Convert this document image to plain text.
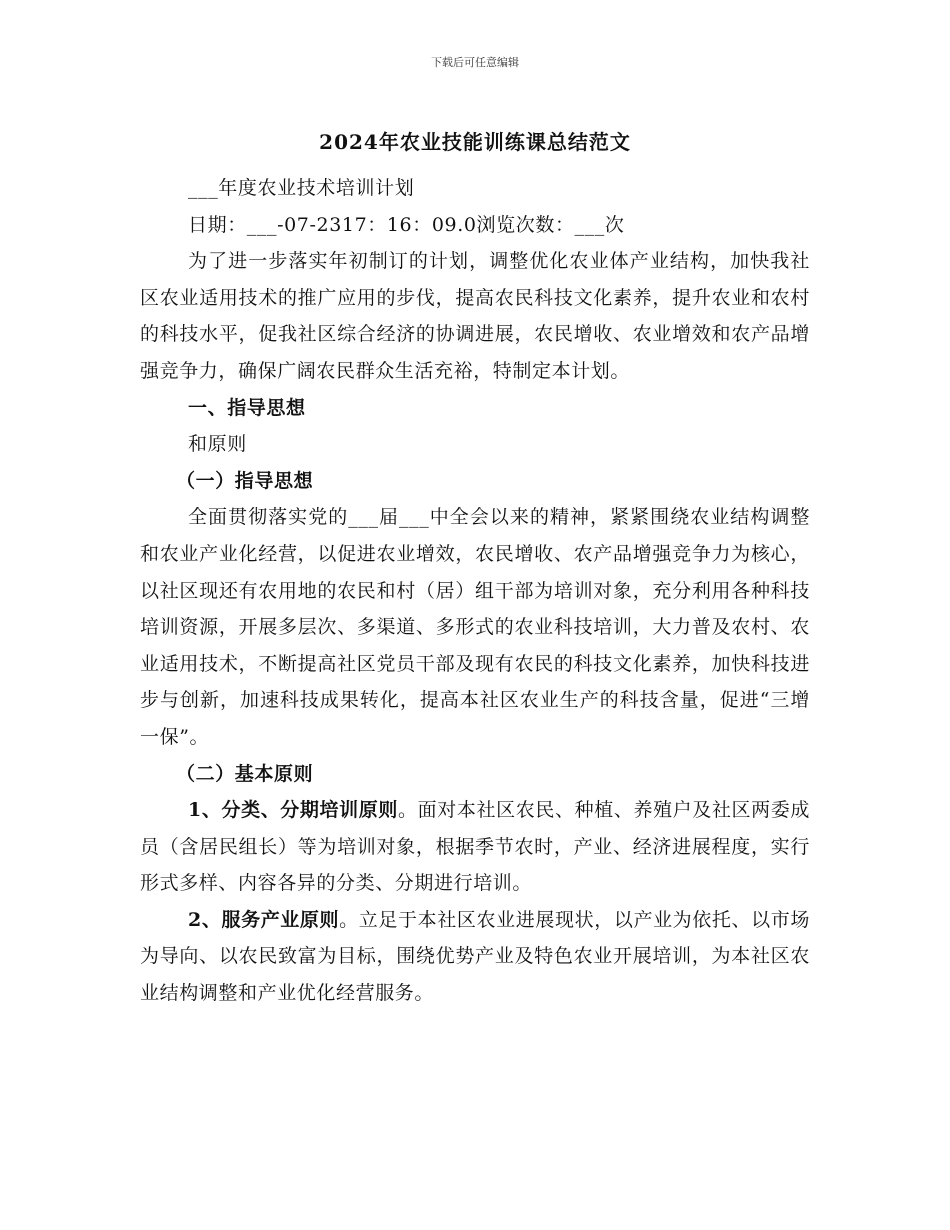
下载后可任意编辑
2024年农业技能训练课总结范文

___年度农业技术培训计划

日期：___-07-2317：16：09.0浏览次数：___次

为了进一步落实年初制订的计划，调整优化农业体产业结构，加快我社区农业适用技术的推广应用的步伐，提高农民科技文化素养，提升农业和农村的科技水平，促我社区综合经济的协调进展，农民增收、农业增效和农产品增强竞争力，确保广阔农民群众生活充裕，特制定本计划。

一、指导思想

和原则

（一）指导思想

全面贯彻落实党的___届___中全会以来的精神，紧紧围绕农业结构调整和农业产业化经营，以促进农业增效，农民增收、农产品增强竞争力为核心，以社区现还有农用地的农民和村（居）组干部为培训对象，充分利用各种科技培训资源，开展多层次、多渠道、多形式的农业科技培训，大力普及农村、农业适用技术，不断提高社区党员干部及现有农民的科技文化素养，加快科技进步与创新，加速科技成果转化，提高本社区农业生产的科技含量，促进“三增一保”。

（二）基本原则

1、分类、分期培训原则。面对本社区农民、种植、养殖户及社区两委成员（含居民组长）等为培训对象，根据季节农时，产业、经济进展程度，实行形式多样、内容各异的分类、分期进行培训。

2、服务产业原则。立足于本社区农业进展现状，以产业为依托、以市场为导向、以农民致富为目标，围绕优势产业及特色农业开展培训，为本社区农业结构调整和产业优化经营服务。
